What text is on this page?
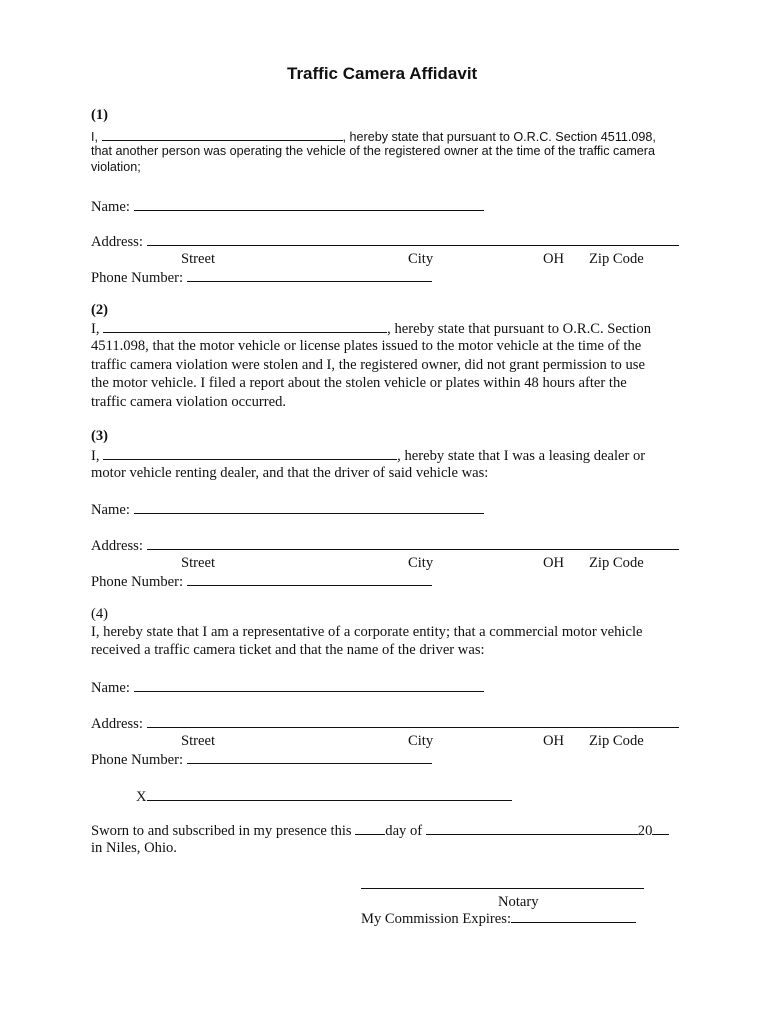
Traffic Camera Affidavit
(1)
I,	, hereby state that pursuant to O.R.C. Section 4511.098,
that another person was operating the vehicle of the registered owner at the time of the traffic camera
violation;
Name:
Address:
Street	City	OH Zip Code
Phone Number:
(2)
I,	, hereby state that pursuant to O.R.C. Section
4511.098, that the motor vehicle or license plates issued to the motor vehicle at the time of the
traffic camera violation were stolen and I, the registered owner, did not grant permission to use
the motor vehicle. I filed a report about the stolen vehicle or plates within 48 hours after the
traffic camera violation occurred.
(3)
I,	, hereby state that I was a leasing dealer or
motor vehicle renting dealer, and that the driver of said vehicle was:
Name:
Address:
Street	City	OH Zip Code
Phone Number:
(4)
I, hereby state that I am a representative of a corporate entity; that a commercial motor vehicle
received a traffic camera ticket and that the name of the driver was:
Name:
Address:
Street	City	OH Zip Code
Phone Number:
X
Sworn to and subscribed in my presence this day of	20
in Niles, Ohio.
Notary
My Commission Expires:
